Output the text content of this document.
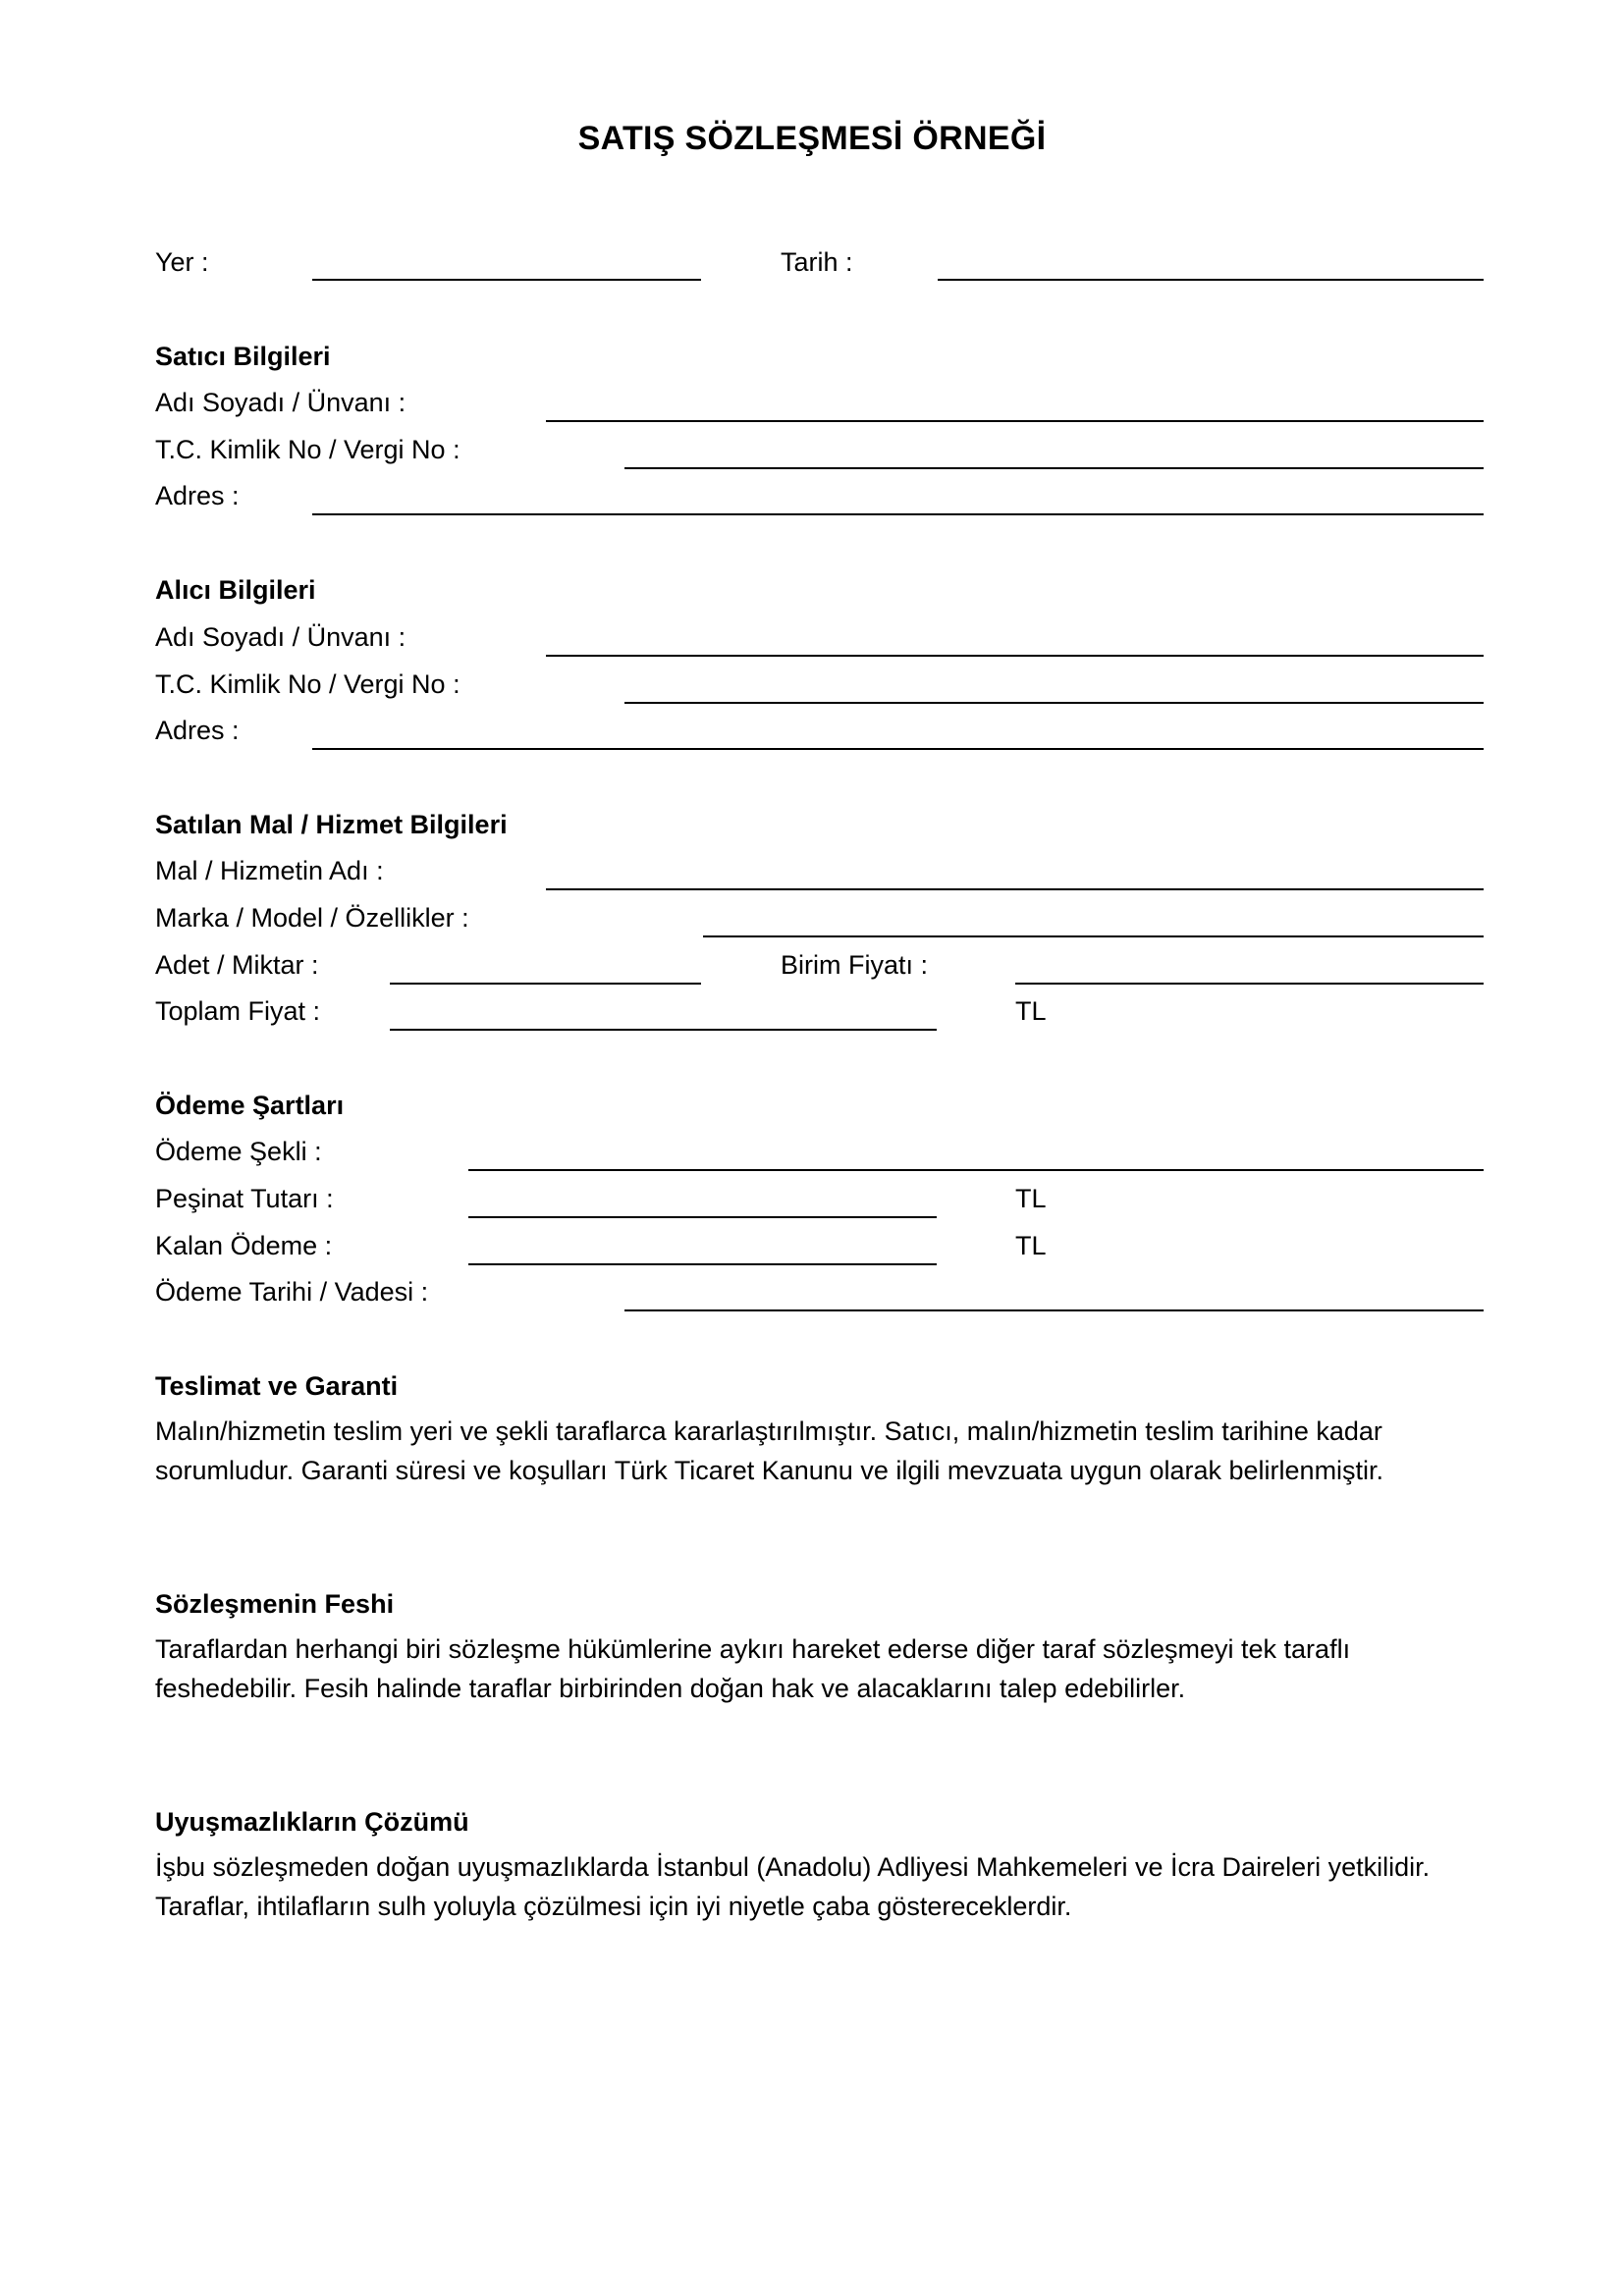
SATIŞ SÖZLEŞMESİ ÖRNEĞİ
Yer :	Tarih :
Satıcı Bilgileri
Adı Soyadı / Ünvanı :
T.C. Kimlik No / Vergi No :
Adres :
Alıcı Bilgileri
Adı Soyadı / Ünvanı :
T.C. Kimlik No / Vergi No :
Adres :
Satılan Mal / Hizmet Bilgileri
Mal / Hizmetin Adı :
Marka / Model / Özellikler :
Adet / Miktar :	Birim Fiyatı :
Toplam Fiyat :	TL
Ödeme Şartları
Ödeme Şekli :
Peşinat Tutarı :	TL
Kalan Ödeme :	TL
Ödeme Tarihi / Vadesi :
Teslimat ve Garanti
Malın/hizmetin teslim yeri ve şekli taraflarca kararlaştırılmıştır. Satıcı, malın/hizmetin teslim tarihine kadar
sorumludur. Garanti süresi ve koşulları Türk Ticaret Kanunu ve ilgili mevzuata uygun olarak belirlenmiştir.
Sözleşmenin Feshi
Taraflardan herhangi biri sözleşme hükümlerine aykırı hareket ederse diğer taraf sözleşmeyi tek taraflı
feshedebilir. Fesih halinde taraflar birbirinden doğan hak ve alacaklarını talep edebilirler.
Uyuşmazlıkların Çözümü
İşbu sözleşmeden doğan uyuşmazlıklarda İstanbul (Anadolu) Adliyesi Mahkemeleri ve İcra Daireleri yetkilidir.
Taraflar, ihtilafların sulh yoluyla çözülmesi için iyi niyetle çaba göstereceklerdir.
